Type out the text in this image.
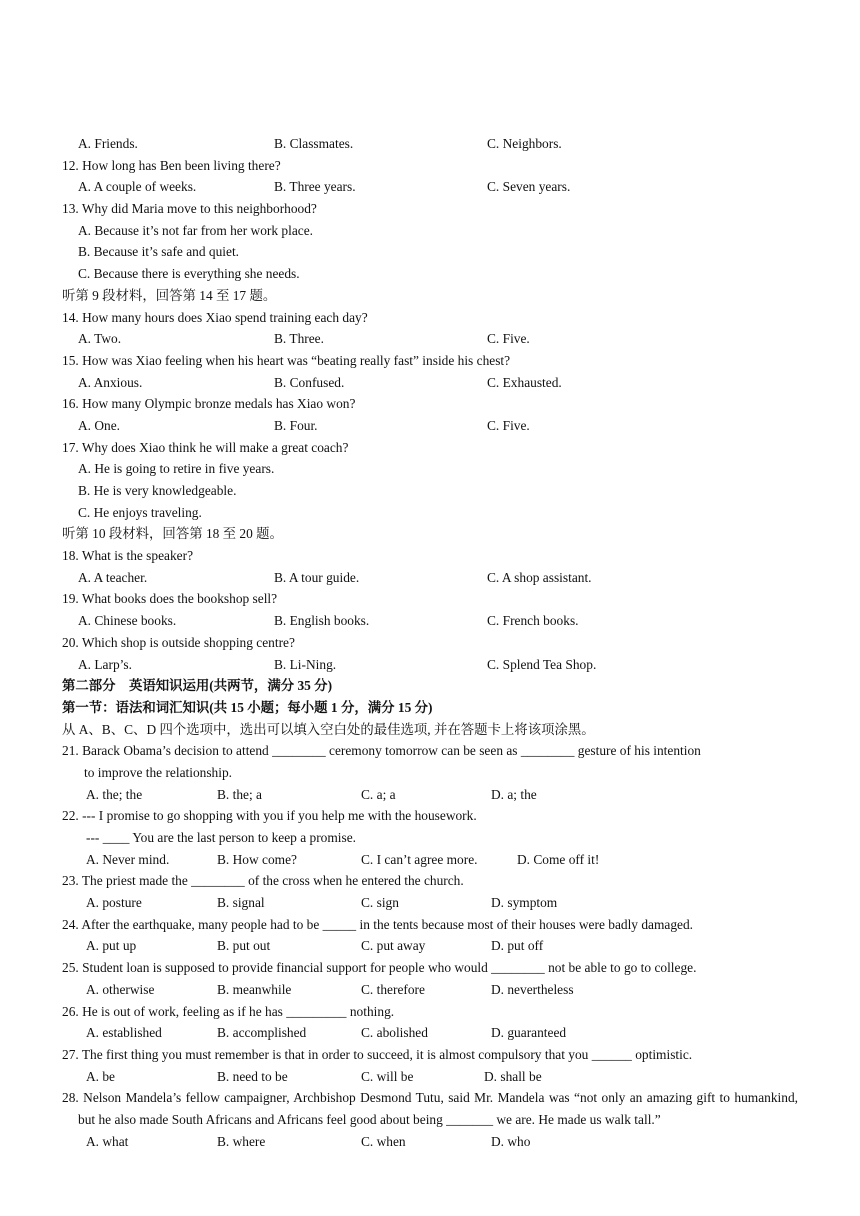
A. Friends.	B. Classmates.	C. Neighbors.
12. How long has Ben been living there?
A. A couple of weeks.	B. Three years.	C. Seven years.
13. Why did Maria move to this neighborhood?
A. Because it’s not far from her work place.
B. Because it’s safe and quiet.
C. Because there is everything she needs.
听第 9 段材料，回答第 14 至 17 题。
14. How many hours does Xiao spend training each day?
A. Two.	B. Three.	C. Five.
15. How was Xiao feeling when his heart was “beating really fast” inside his chest?
A. Anxious.	B. Confused.	C. Exhausted.
16. How many Olympic bronze medals has Xiao won?
A. One.	B. Four.	C. Five.
17. Why does Xiao think he will make a great coach?
A. He is going to retire in five years.
B. He is very knowledgeable.
C. He enjoys traveling.
听第 10 段材料，回答第 18 至 20 题。
18. What is the speaker?
A. A teacher.	B. A tour guide.	C. A shop assistant.
19. What books does the bookshop sell?
A. Chinese books.	B. English books.	C. French books.
20. Which shop is outside shopping centre?
A. Larp’s.	B. Li-Ning.	C. Splend Tea Shop.
第二部分　英语知识运用(共两节，满分 35 分)
第一节：语法和词汇知识(共 15 小题；每小题 1 分，满分 15 分)
从 A、B、C、D 四个选项中，选出可以填入空白处的最佳选项, 并在答题卡上将该项涂黑。
21. Barack Obama’s decision to attend ________ ceremony tomorrow can be seen as ________ gesture of his intention
to improve the relationship.
A. the; the	B. the; a	C. a; a	D. a; the
22. --- I promise to go shopping with you if you help me with the housework.
--- ____ You are the last person to keep a promise.
A. Never mind.	B. How come?	C. I can’t agree more.	D. Come off it!
23. The priest made the ________ of the cross when he entered the church.
A. posture	B. signal	C. sign	D. symptom
24. After the earthquake, many people had to be _____ in the tents because most of their houses were badly damaged.
A. put up	B. put out	C. put away	D. put off
25. Student loan is supposed to provide financial support for people who would ________ not be able to go to college.
A. otherwise	B. meanwhile	C. therefore	D. nevertheless
26. He is out of work, feeling as if he has _________ nothing.
A. established	B. accomplished	C. abolished	D. guaranteed
27. The first thing you must remember is that in order to succeed, it is almost compulsory that you ______ optimistic.
A. be	B. need to be	C. will be	D. shall be
28. Nelson Mandela’s fellow campaigner, Archbishop Desmond Tutu, said Mr. Mandela was “not only an amazing gift to humankind, but he also made South Africans and Africans feel good about being _______ we are. He made us walk tall.”
A. what	B. where	C. when	D. who
